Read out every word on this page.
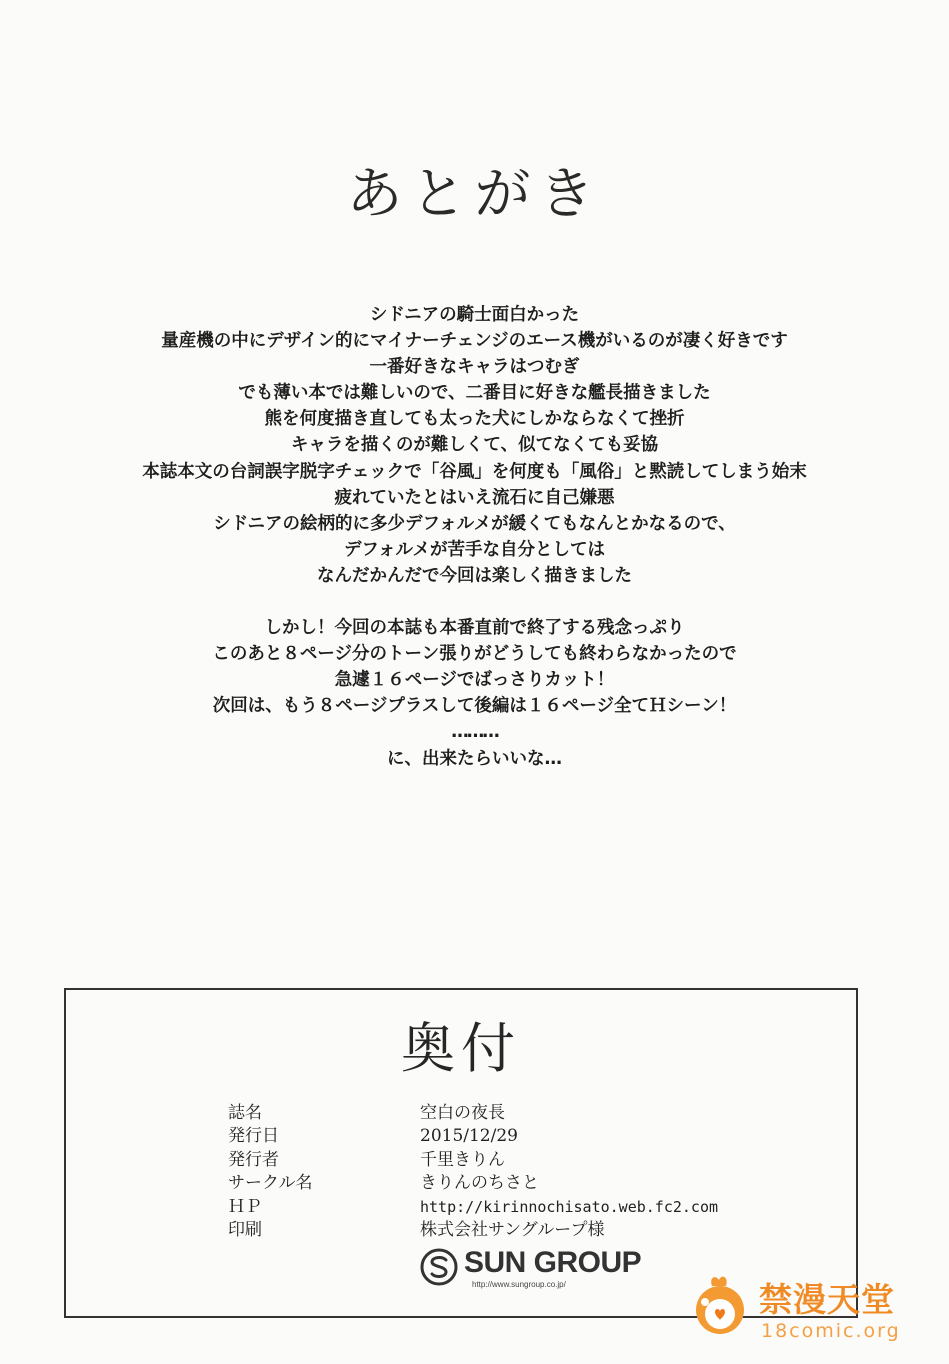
あとがき
シドニアの騎士面白かった
量産機の中にデザイン的にマイナーチェンジのエース機がいるのが凄く好きです
一番好きなキャラはつむぎ
でも薄い本では難しいので、二番目に好きな艦長描きました
熊を何度描き直しても太った犬にしかならなくて挫折
キャラを描くのが難しくて、似てなくても妥協
本誌本文の台詞誤字脱字チェックで「谷風」を何度も「風俗」と黙読してしまう始末
疲れていたとはいえ流石に自己嫌悪
シドニアの絵柄的に多少デフォルメが緩くてもなんとかなるので、
デフォルメが苦手な自分としては
なんだかんだで今回は楽しく描きました
しかし！今回の本誌も本番直前で終了する残念っぷり
このあと８ページ分のトーン張りがどうしても終わらなかったので
急遽１６ページでばっさりカット！
次回は、もう８ページプラスして後編は１６ページ全てＨシーン！
………
に、出来たらいいな…
奥付
誌名	空白の夜長
発行日	2015/12/29
発行者	千里きりん
サークル名	きりんのちさと
ＨＰ	http://kirinnochisato.web.fc2.com
印刷	株式会社サングループ様
SUN GROUP
http://www.sungroup.co.jp/	禁漫天堂
18comic.org
